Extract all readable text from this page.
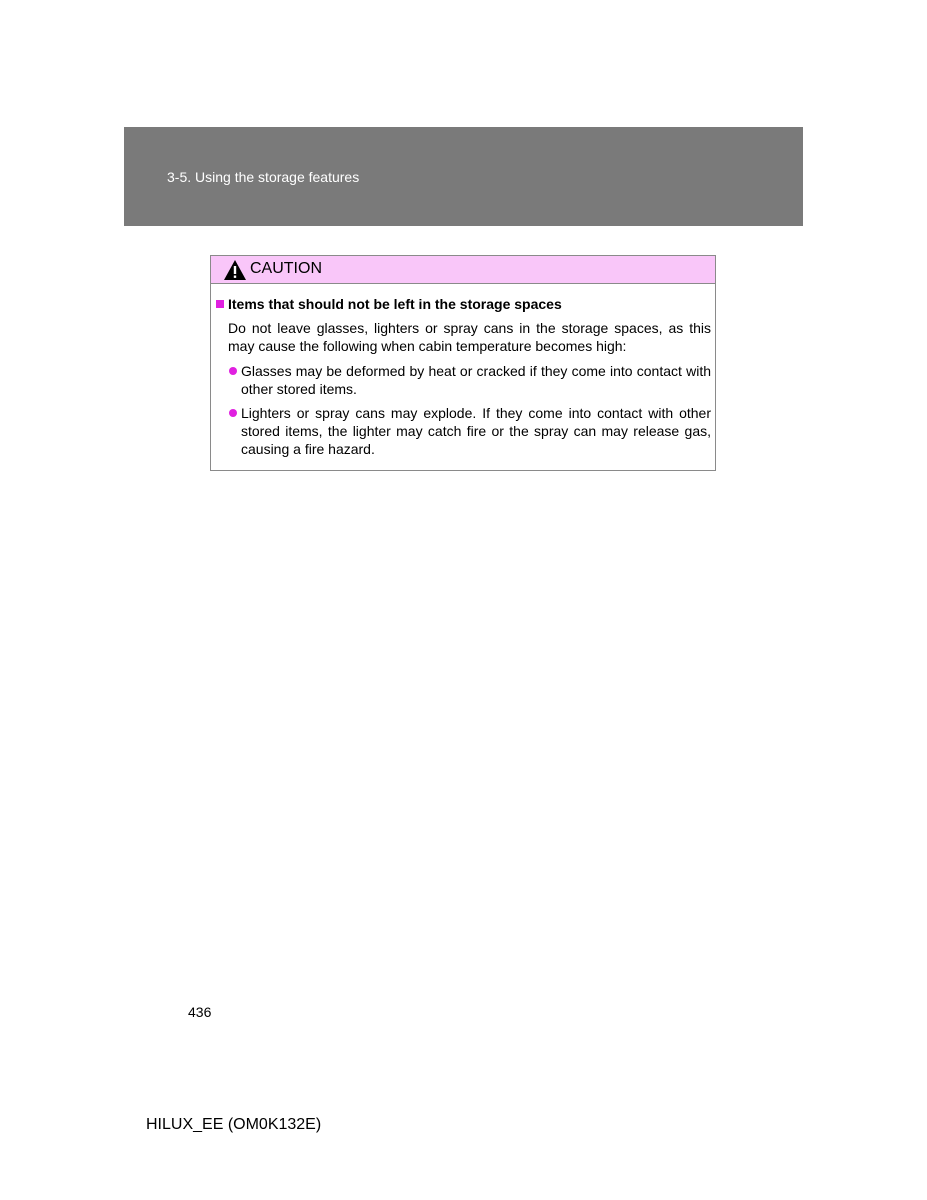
3-5. Using the storage features
CAUTION
Items that should not be left in the storage spaces

Do not leave glasses, lighters or spray cans in the storage spaces, as this may cause the following when cabin temperature becomes high:

Glasses may be deformed by heat or cracked if they come into contact with other stored items.

Lighters or spray cans may explode. If they come into contact with other stored items, the lighter may catch fire or the spray can may release gas, causing a fire hazard.

436
HILUX_EE (OM0K132E)
